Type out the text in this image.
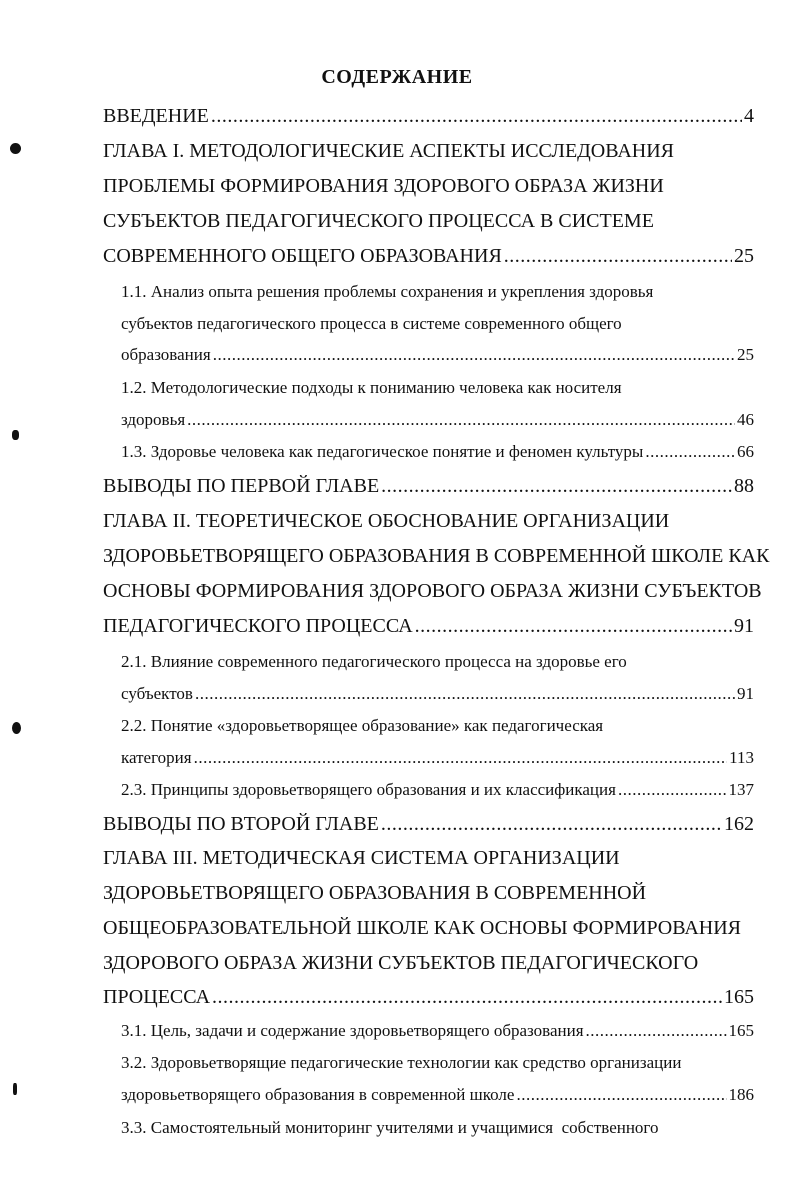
СОДЕРЖАНИЕ
ВВЕДЕНИЕ .....	4
ГЛАВА I. МЕТОДОЛОГИЧЕСКИЕ АСПЕКТЫ ИССЛЕДОВАНИЯ
ПРОБЛЕМЫ ФОРМИРОВАНИЯ ЗДОРОВОГО ОБРАЗА ЖИЗНИ
СУБЪЕКТОВ ПЕДАГОГИЧЕСКОГО ПРОЦЕССА В СИСТЕМЕ
СОВРЕМЕННОГО ОБЩЕГО ОБРАЗОВАНИЯ .....	25
1.1. Анализ опыта решения проблемы сохранения и укрепления здоровья
субъектов педагогического процесса в системе современного общего
образования .....	25
1.2. Методологические подходы к пониманию человека как носителя
здоровья .....	46
1.3. Здоровье человека как педагогическое понятие и феномен культуры .....	66
ВЫВОДЫ ПО ПЕРВОЙ ГЛАВЕ .....	88
ГЛАВА II. ТЕОРЕТИЧЕСКОЕ ОБОСНОВАНИЕ ОРГАНИЗАЦИИ
ЗДОРОВЬЕТВОРЯЩЕГО ОБРАЗОВАНИЯ В СОВРЕМЕННОЙ ШКОЛЕ КАК
ОСНОВЫ ФОРМИРОВАНИЯ ЗДОРОВОГО ОБРАЗА ЖИЗНИ СУБЪЕКТОВ
ПЕДАГОГИЧЕСКОГО ПРОЦЕССА .....	91
2.1. Влияние современного педагогического процесса на здоровье его
субъектов .....	91
2.2. Понятие «здоровьетворящее образование» как педагогическая
категория .....	113
2.3. Принципы здоровьетворящего образования и их классификация .....	137
ВЫВОДЫ ПО ВТОРОЙ ГЛАВЕ .....	162
ГЛАВА III. МЕТОДИЧЕСКАЯ СИСТЕМА ОРГАНИЗАЦИИ
ЗДОРОВЬЕТВОРЯЩЕГО ОБРАЗОВАНИЯ В СОВРЕМЕННОЙ
ОБЩЕОБРАЗОВАТЕЛЬНОЙ ШКОЛЕ КАК ОСНОВЫ ФОРМИРОВАНИЯ
ЗДОРОВОГО ОБРАЗА ЖИЗНИ СУБЪЕКТОВ ПЕДАГОГИЧЕСКОГО
ПРОЦЕССА .....	165
3.1. Цель, задачи и содержание здоровьетворящего образования .....	165
3.2. Здоровьетворящие педагогические технологии как средство организации
здоровьетворящего образования в современной школе .....	186
3.3. Самостоятельный мониторинг учителями и учащимися  собственного
